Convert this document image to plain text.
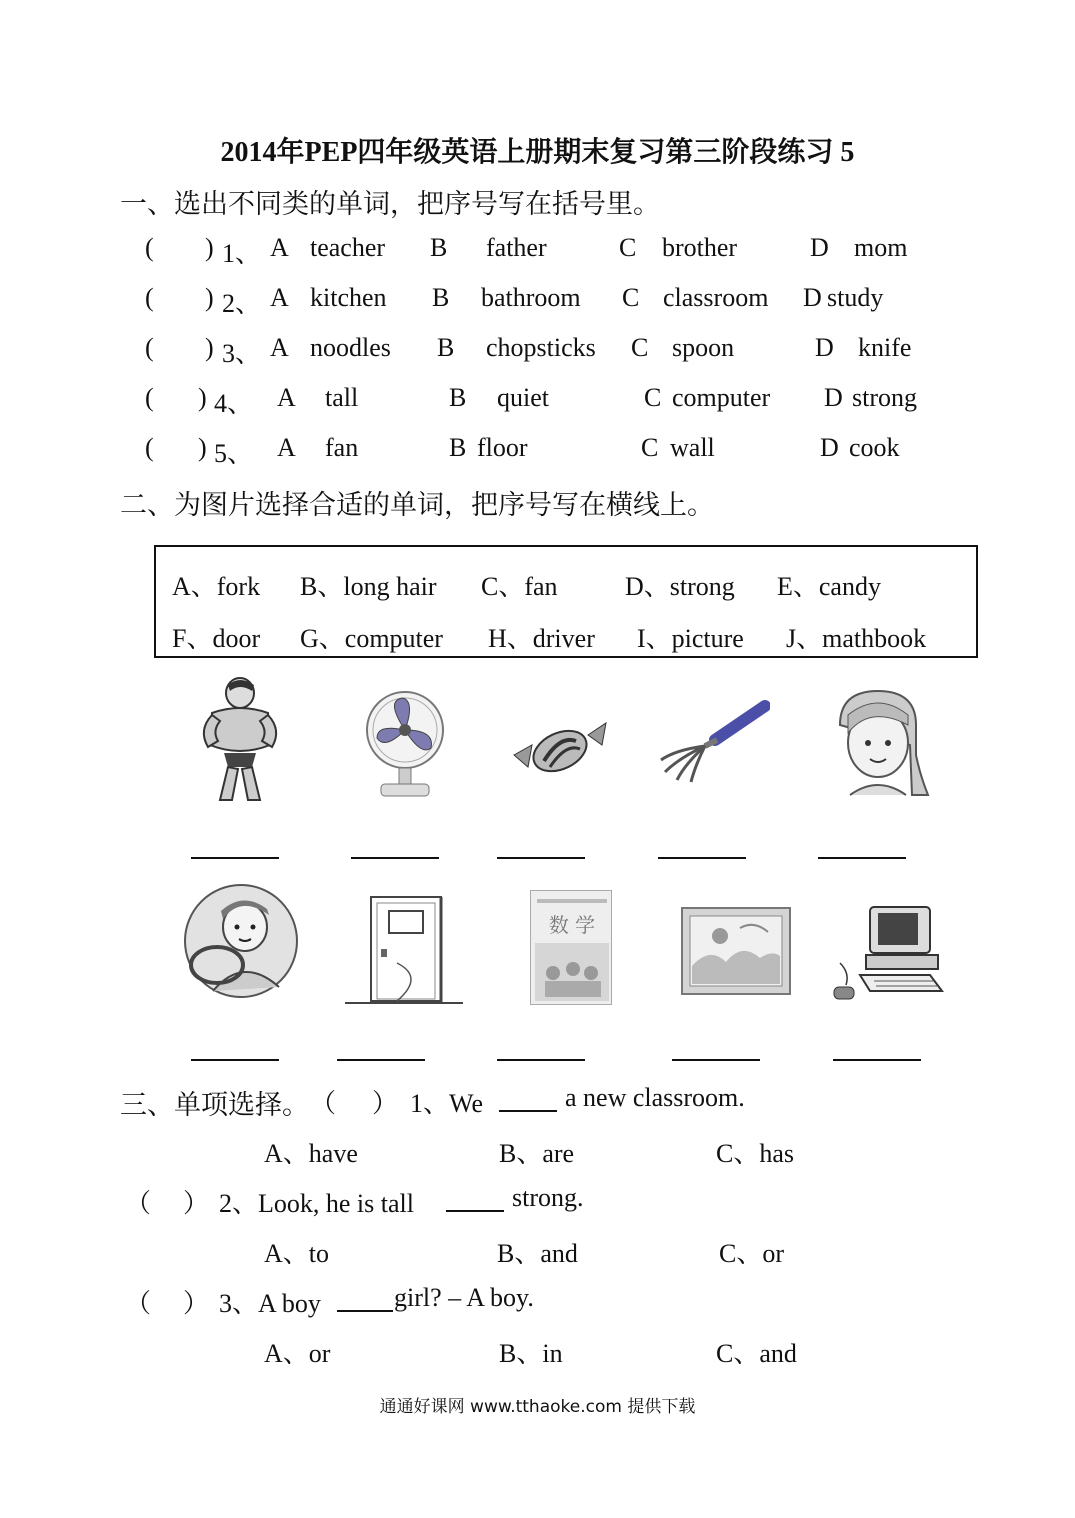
2014年PEP四年级英语上册期末复习第三阶段练习 5
一、选出不同类的单词，把序号写在括号里。
( ) 1、 A teacher B father	C brother	D mom
( ) 2、 A kitchen B bathroom C classroom D study
( ) 3、 A noodles B chopsticks C spoon	D knife
( ) 4、 A tall	B quiet	C computer D strong
( ) 5、 A fan	B floor	C wall	D cook
二、为图片选择合适的单词，把序号写在横线上。
A、fork B、long hair C、fan	D、strong E、candy
F、door G、computer H、driver I、picture J、mathbook
数 学
三、单项选择。 （ ） 1、We	a new classroom.
A、have	B、are	C、has
（ ） 2、Look, he is tall	strong.
A、to	B、and	C、or
（ ） 3、A boy	girl? – A boy.
A、or	B、in	C、and
通通好课网 www.tthaoke.com 提供下载
